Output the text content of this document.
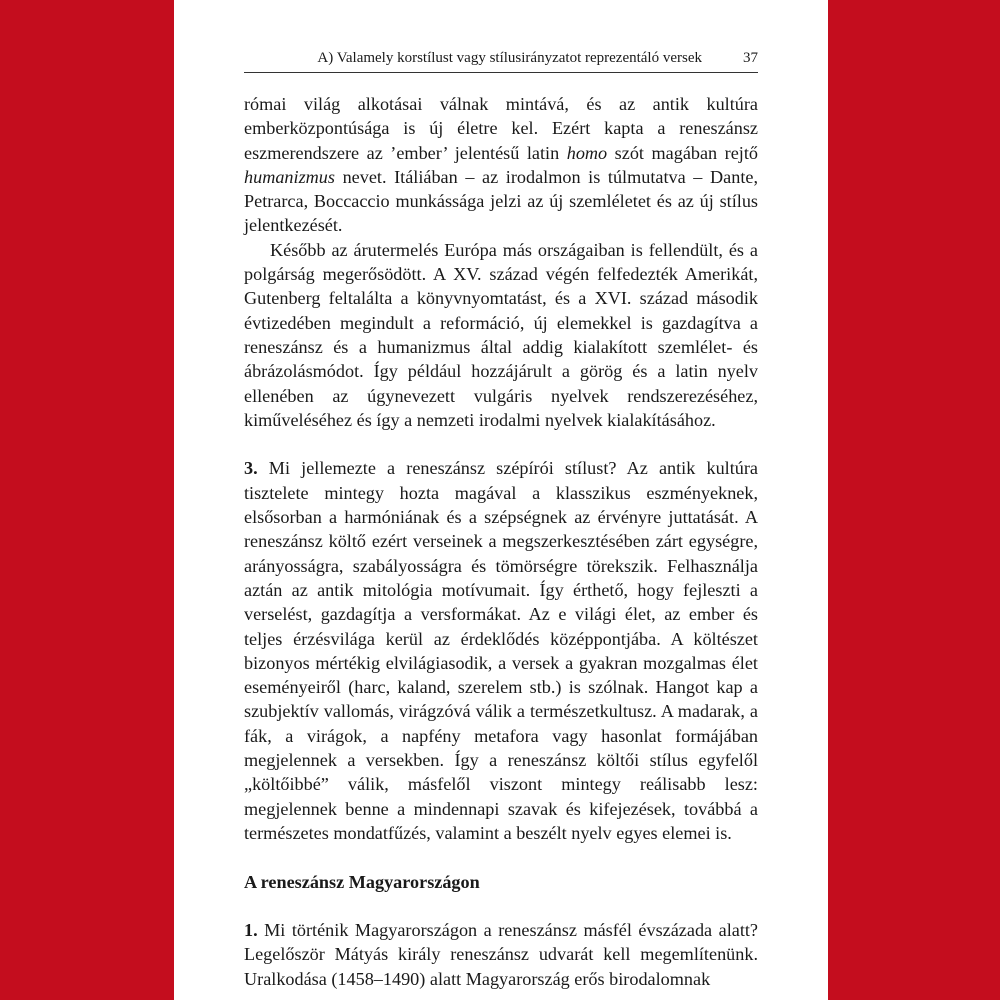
A) Valamely korstílust vagy stílusirányzatot reprezentáló versek	37

római világ alkotásai válnak mintává, és az antik kultúra emberközpontúsága is új életre kel. Ezért kapta a reneszánsz eszmerendszere az ’ember’ jelentésű latin homo szót magában rejtő humanizmus nevet. Itáliában – az irodalmon is túlmutatva – Dante, Petrarca, Boccaccio munkássága jelzi az új szemléletet és az új stílus jelentkezését.

Később az árutermelés Európa más országaiban is fellendült, és a polgárság megerősödött. A XV. század végén felfedezték Amerikát, Gutenberg feltalálta a könyvnyomtatást, és a XVI. század második évtizedében megindult a reformáció, új elemekkel is gazdagítva a reneszánsz és a humanizmus által addig kialakított szemlélet- és ábrázolásmódot. Így például hozzájárult a görög és a latin nyelv ellenében az úgynevezett vulgáris nyelvek rendszerezéséhez, kiműveléséhez és így a nemzeti irodalmi nyelvek kialakításához.

3. Mi jellemezte a reneszánsz szépírói stílust? Az antik kultúra tisztelete mintegy hozta magával a klasszikus eszményeknek, elsősorban a harmóniának és a szépségnek az érvényre juttatását. A reneszánsz költő ezért verseinek a megszerkesztésében zárt egységre, arányosságra, szabályosságra és tömörségre törekszik. Felhasználja aztán az antik mitológia motívumait. Így érthető, hogy fejleszti a verselést, gazdagítja a versformákat. Az e világi élet, az ember és teljes érzésvilága kerül az érdeklődés középpontjába. A költészet bizonyos mértékig elvilágiasodik, a versek a gyakran mozgalmas élet eseményeiről (harc, kaland, szerelem stb.) is szólnak. Hangot kap a szubjektív vallomás, virágzóvá válik a természetkultusz. A madarak, a fák, a virágok, a napfény metafora vagy hasonlat formájában megjelennek a versekben. Így a reneszánsz költői stílus egyfelől „költőibbé” válik, másfelől viszont mintegy reálisabb lesz: megjelennek benne a mindennapi szavak és kifejezések, továbbá a természetes mondatfűzés, valamint a beszélt nyelv egyes elemei is.

A reneszánsz Magyarországon

1. Mi történik Magyarországon a reneszánsz másfél évszázada alatt? Legelőször Mátyás király reneszánsz udvarát kell megemlítenünk. Uralkodása (1458–1490) alatt Magyarország erős birodalomnak
